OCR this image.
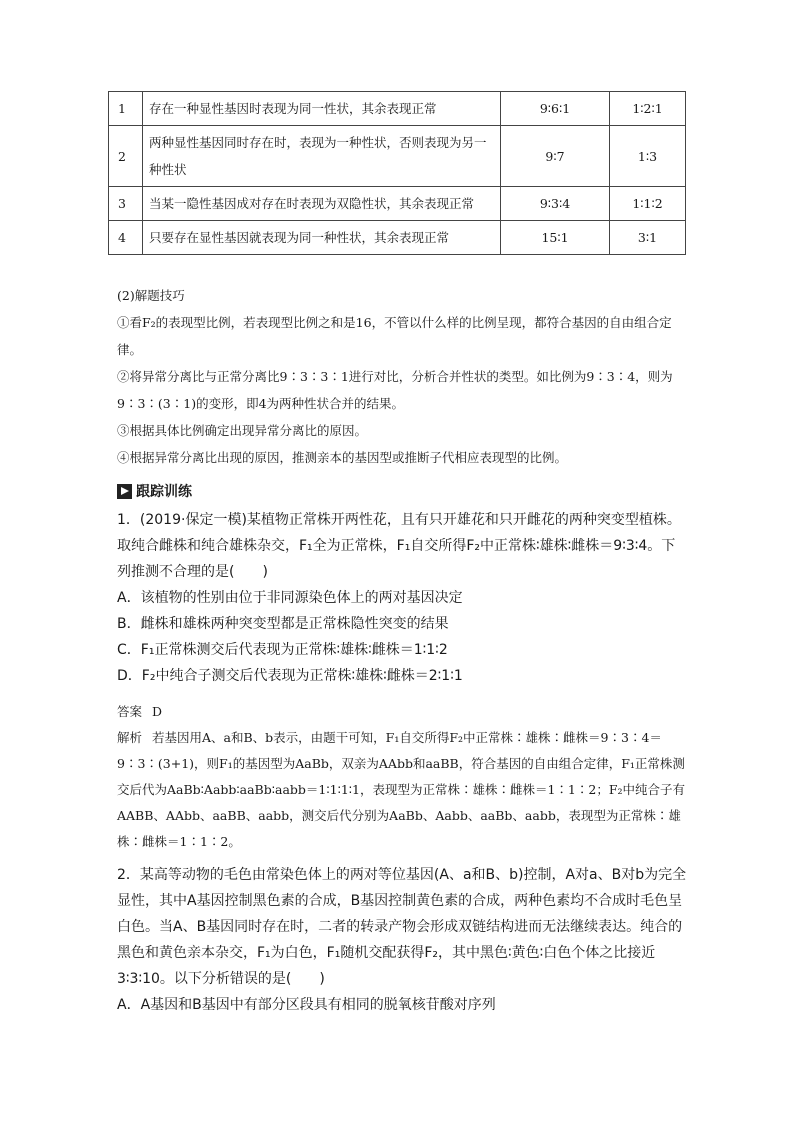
1	存在一种显性基因时表现为同一性状，其余表现正常	9∶6∶1	1∶2∶1
2	两种显性基因同时存在时，表现为一种性状，否则表现为另一种性状	9∶7	1∶3
3	当某一隐性基因成对存在时表现为双隐性状，其余表现正常	9∶3∶4	1∶1∶2
4	只要存在显性基因就表现为同一种性状，其余表现正常	15∶1	3∶1

(2)解题技巧

①看F₂的表现型比例，若表现型比例之和是16，不管以什么样的比例呈现，都符合基因的自由组合定律。

②将异常分离比与正常分离比9∶3∶3∶1进行对比，分析合并性状的类型。如比例为9∶3∶4，则为9∶3∶(3∶1)的变形，即4为两种性状合并的结果。

③根据具体比例确定出现异常分离比的原因。

④根据异常分离比出现的原因，推测亲本的基因型或推断子代相应表现型的比例。

跟踪训练

1．(2019·保定一模)某植物正常株开两性花，且有只开雄花和只开雌花的两种突变型植株。取纯合雌株和纯合雄株杂交，F₁全为正常株，F₁自交所得F₂中正常株∶雄株∶雌株＝9∶3∶4。下列推测不合理的是(　　)

A．该植物的性别由位于非同源染色体上的两对基因决定

B．雌株和雄株两种突变型都是正常株隐性突变的结果

C．F₁正常株测交后代表现为正常株∶雄株∶雌株＝1∶1∶2

D．F₂中纯合子测交后代表现为正常株∶雄株∶雌株＝2∶1∶1

答案 D

解析 若基因用A、a和B、b表示，由题干可知，F₁自交所得F₂中正常株∶雄株∶雌株＝9∶3∶4＝9∶3∶(3+1)，则F₁的基因型为AaBb，双亲为AAbb和aaBB，符合基因的自由组合定律，F₁正常株测交后代为AaBb∶Aabb∶aaBb∶aabb＝1∶1∶1∶1，表现型为正常株∶雄株∶雌株＝1∶1∶2；F₂中纯合子有AABB、AAbb、aaBB、aabb，测交后代分别为AaBb、Aabb、aaBb、aabb，表现型为正常株∶雄株∶雌株＝1∶1∶2。

2．某高等动物的毛色由常染色体上的两对等位基因(A、a和B、b)控制，A对a、B对b为完全显性，其中A基因控制黑色素的合成，B基因控制黄色素的合成，两种色素均不合成时毛色呈白色。当A、B基因同时存在时，二者的转录产物会形成双链结构进而无法继续表达。纯合的黑色和黄色亲本杂交，F₁为白色，F₁随机交配获得F₂，其中黑色∶黄色∶白色个体之比接近3∶3∶10。以下分析错误的是(　　)

A．A基因和B基因中有部分区段具有相同的脱氧核苷酸对序列
